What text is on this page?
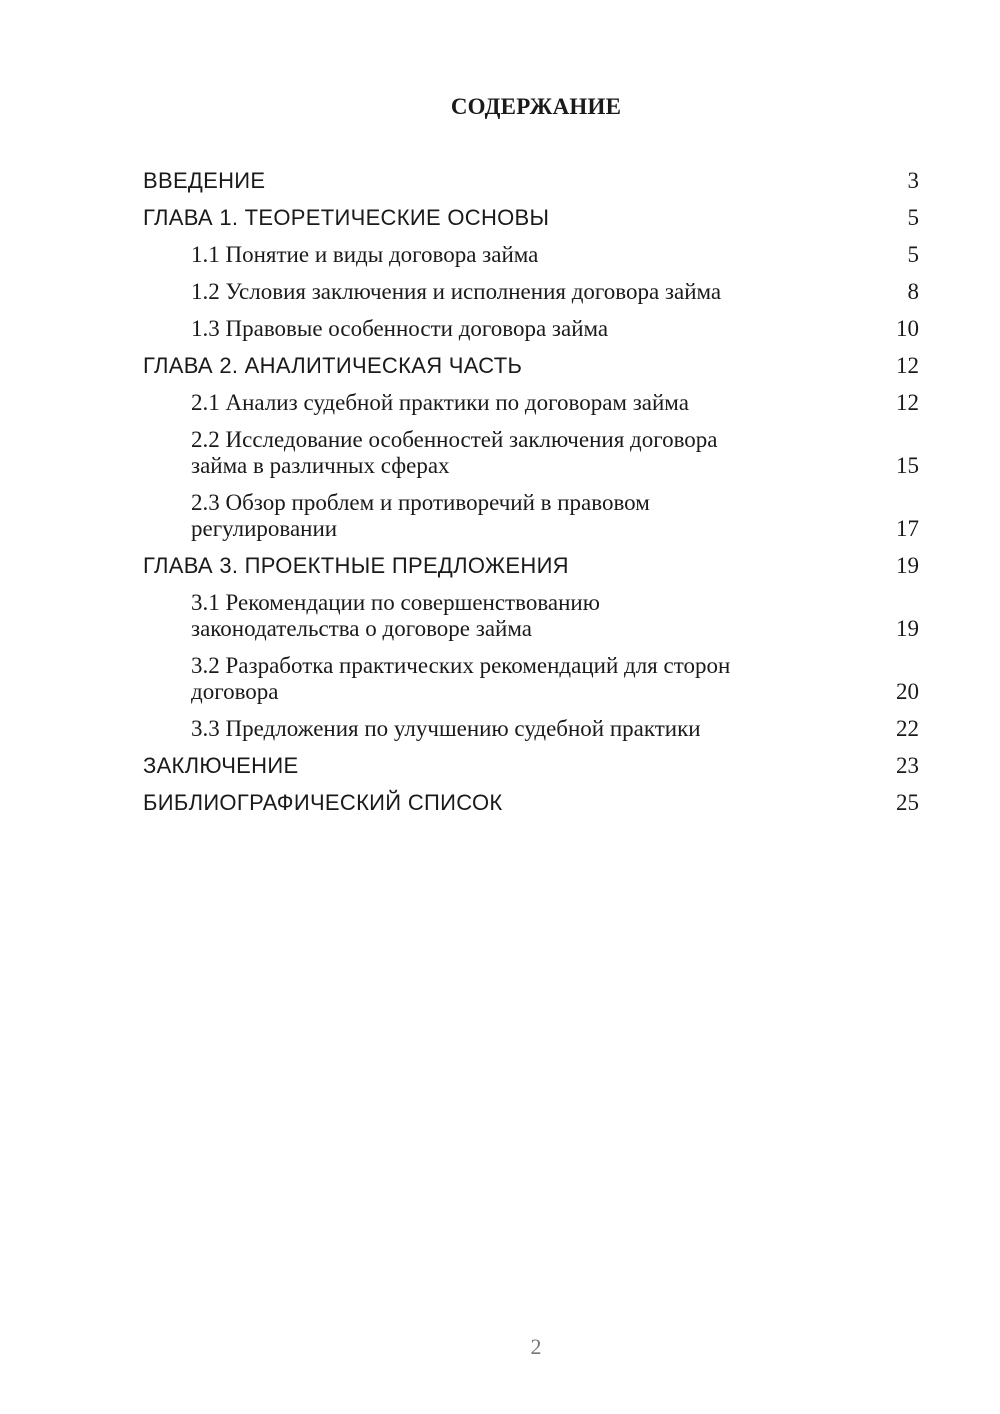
СОДЕРЖАНИЕ
ВВЕДЕНИЕ	3
ГЛАВА 1. ТЕОРЕТИЧЕСКИЕ ОСНОВЫ	5
1.1 Понятие и виды договора займа	5
1.2 Условия заключения и исполнения договора займа	8
1.3 Правовые особенности договора займа	10
ГЛАВА 2. АНАЛИТИЧЕСКАЯ ЧАСТЬ	12
2.1 Анализ судебной практики по договорам займа	12
2.2 Исследование особенностей заключения договора
займа в различных сферах	15
2.3 Обзор проблем и противоречий в правовом
регулировании	17
ГЛАВА 3. ПРОЕКТНЫЕ ПРЕДЛОЖЕНИЯ	19
3.1 Рекомендации по совершенствованию
законодательства о договоре займа	19
3.2 Разработка практических рекомендаций для сторон
договора	20
3.3 Предложения по улучшению судебной практики	22
ЗАКЛЮЧЕНИЕ	23
БИБЛИОГРАФИЧЕСКИЙ СПИСОК	25
2
